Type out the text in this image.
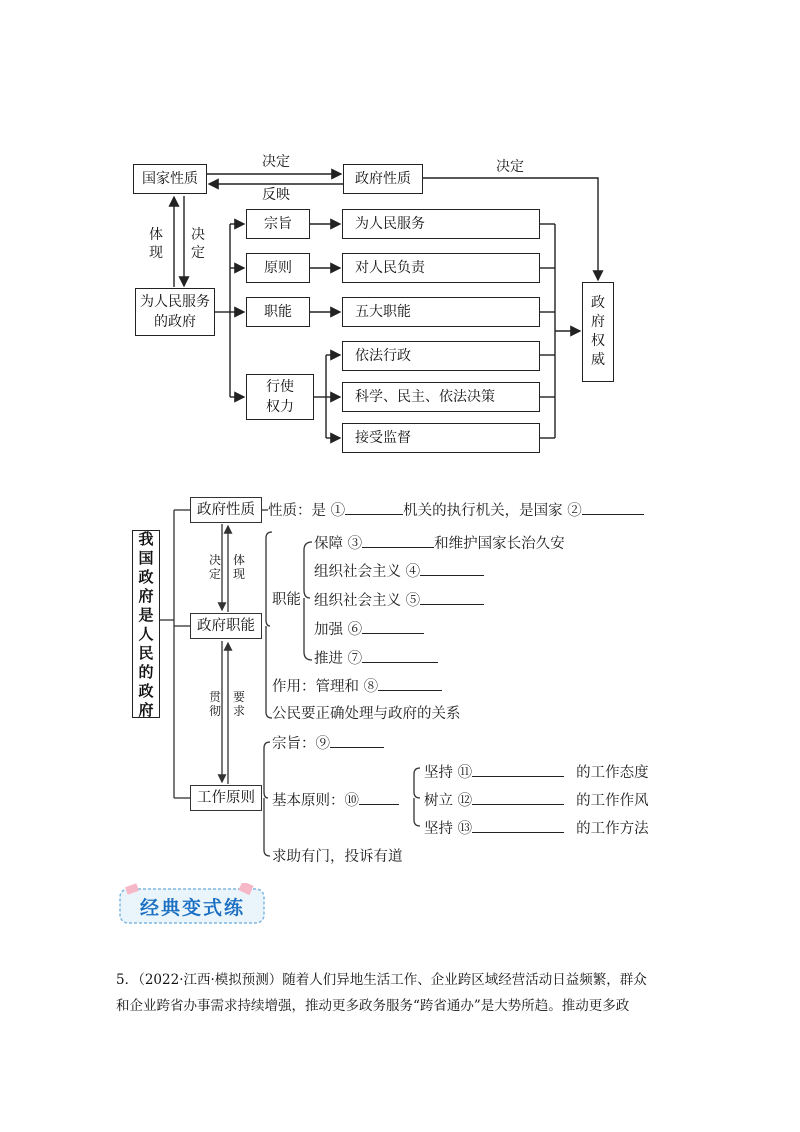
国家性质	政府性质
决定
反映
决定
体现
决定
为人民服务的政府
宗旨
原则
职能
行使权力
为人民服务
对人民负责
五大职能
依法行政
科学、民主、依法决策
接受监督
政府权威
我国政府是人民的政府
政府性质
政府职能
工作原则
决定
体现
贯彻
要求
性质：是 ①	机关的执行机关，是国家 ②
职能
保障 ③	和维护国家长治久安
组织社会主义 ④
组织社会主义 ⑤
加强 ⑥
推进 ⑦
作用：管理和 ⑧
公民要正确处理与政府的关系
宗旨：⑨
基本原则：⑩
坚持 ⑪	的工作态度
树立 ⑫	的工作作风
坚持 ⑬	的工作方法
求助有门，投诉有道
经典变式练
5．（2022·江西·模拟预测）随着人们异地生活工作、企业跨区域经营活动日益频繁，群众
和企业跨省办事需求持续增强，推动更多政务服务“跨省通办”是大势所趋。推动更多政
